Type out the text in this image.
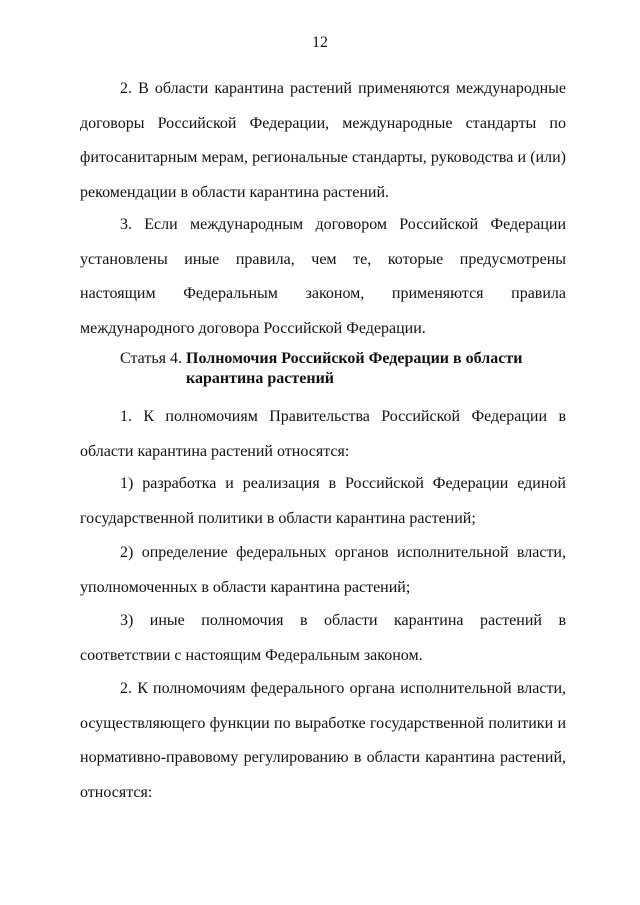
12

2. В области карантина растений применяются международные договоры Российской Федерации, международные стандарты по фитосанитарным мерам, региональные стандарты, руководства и (или) рекомендации в области карантина растений.

3. Если международным договором Российской Федерации установлены иные правила, чем те, которые предусмотрены настоящим Федеральным законом, применяются правила международного договора Российской Федерации.

Статья 4. Полномочия Российской Федерации в области
карантина растений

1. К полномочиям Правительства Российской Федерации в области карантина растений относятся:

1) разработка и реализация в Российской Федерации единой государственной политики в области карантина растений;

2) определение федеральных органов исполнительной власти, уполномоченных в области карантина растений;

3) иные полномочия в области карантина растений в соответствии с настоящим Федеральным законом.

2. К полномочиям федерального органа исполнительной власти, осуществляющего функции по выработке государственной политики и нормативно-правовому регулированию в области карантина растений, относятся:
